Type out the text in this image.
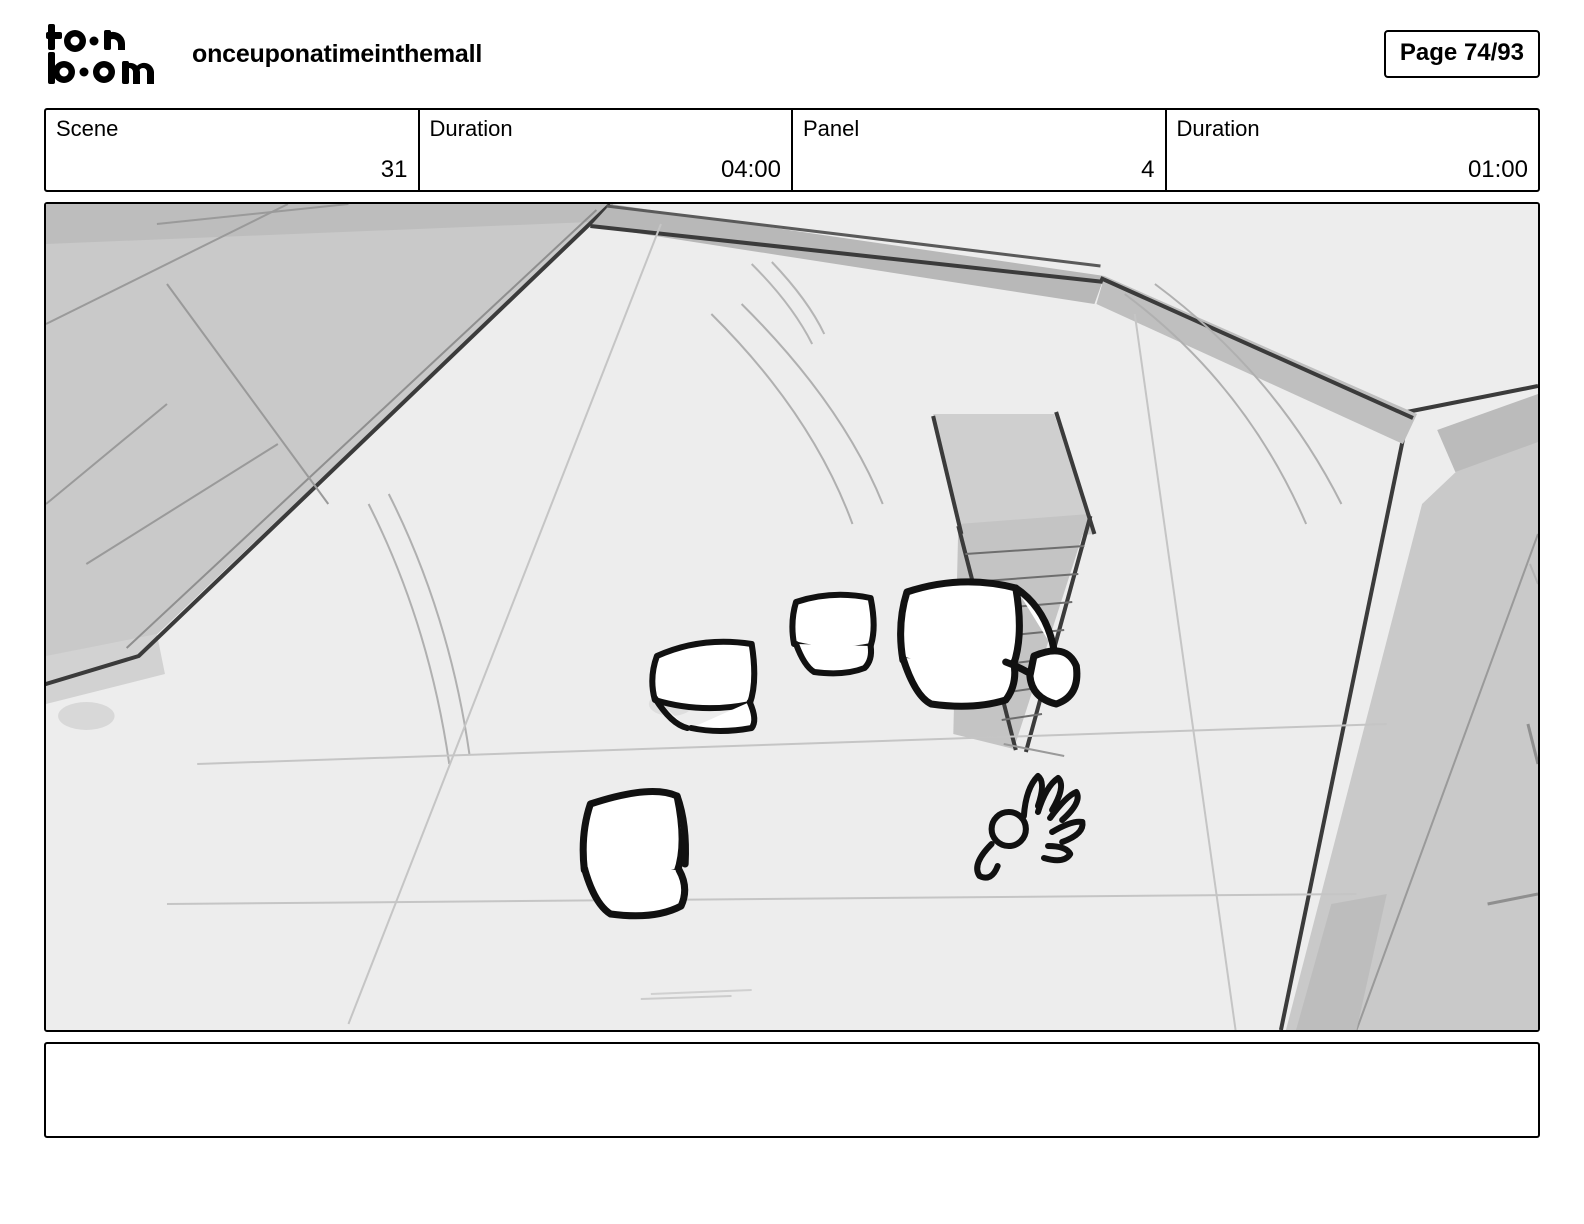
onceuponatimeinthemall	Page 74/93
Scene
31
Duration
04:00
Panel
4
Duration
01:00
